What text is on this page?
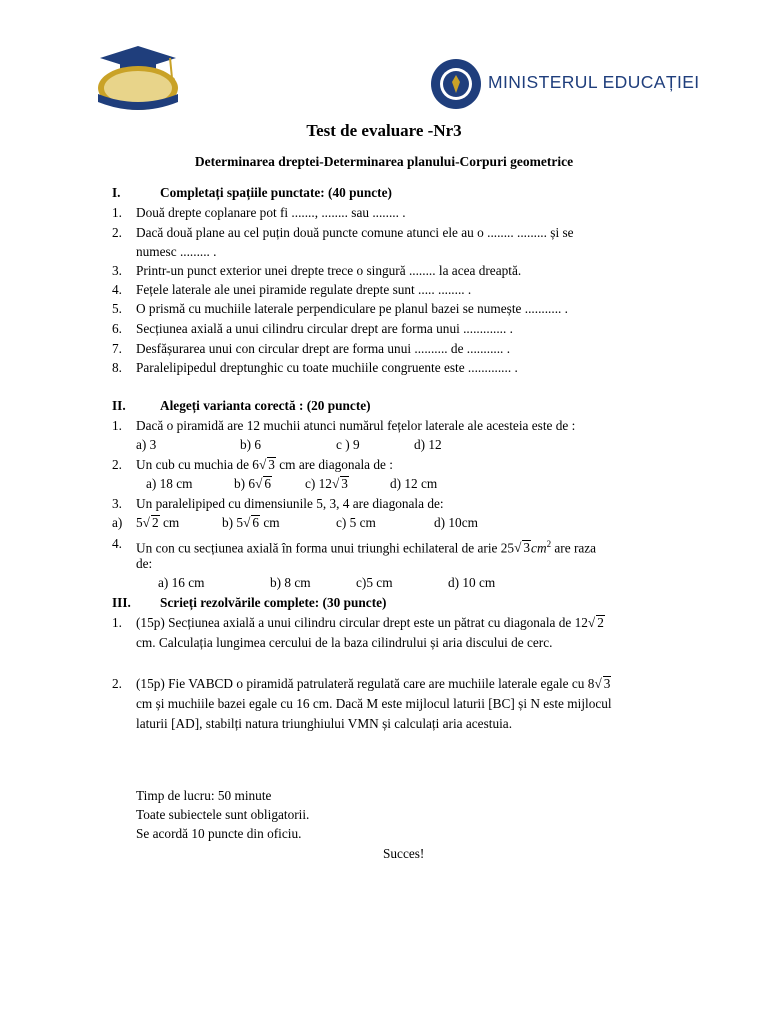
MINISTERUL EDUCAȚIEI
Test de evaluare -Nr3
Determinarea dreptei-Determinarea planului-Corpuri geometrice
I.	Completați spațiile punctate: (40 puncte)
1. Două drepte coplanare pot fi ......., ........ sau ........ .
2. Dacă două plane au cel puțin două puncte comune atunci ele au o ........ ......... și se
numesc ......... .
3. Printr-un punct exterior unei drepte trece o singură ........ la acea dreaptă.
4. Fețele laterale ale unei piramide regulate drepte sunt ..... ........ .
5. O prismă cu muchiile laterale perpendiculare pe planul bazei se numește ........... .
6. Secțiunea axială a unui cilindru circular drept are forma unui ............. .
7. Desfășurarea unui con circular drept are forma unui .......... de ........... .
8. Paralelipipedul dreptunghic cu toate muchiile congruente este ............. .
II.	Alegeți varianta corectă : (20 puncte)
1. Dacă o piramidă are 12 muchii atunci numărul fețelor laterale ale acesteia este de :
a) 3	b) 6	c ) 9	d) 12
2. Un cub cu muchia de 6√ 3 cm are diagonala de :
a) 18 cm	b) 6√ 6	c) 12√ 3	d) 12 cm
3. Un paralelipiped cu dimensiunile 5, 3, 4 are diagonala de:
a) 5√ 2 cm	b) 5√ 6 cm	c) 5 cm	d) 10cm
4. Un con cu secțiunea axială în forma unui triunghi echilateral de arie 25√ $3cm^2$ are raza
de:
a) 16 cm	b) 8 cm	c)5 cm	d) 10 cm
III. Scrieți rezolvările complete: (30 puncte)
1. (15p) Secțiunea axială a unui cilindru circular drept este un pătrat cu diagonala de 12√ 2
cm. Calculația lungimea cercului de la baza cilindrului și aria discului de cerc.
2. (15p) Fie VABCD o piramidă patrulateră regulată care are muchiile laterale egale cu 8√ 3
cm și muchiile bazei egale cu 16 cm. Dacă M este mijlocul laturii [BC] și N este mijlocul
laturii [AD], stabilți natura triunghiului VMN și calculați aria acestuia.
Timp de lucru: 50 minute
Toate subiectele sunt obligatorii.
Se acordă 10 puncte din oficiu.
Succes!
